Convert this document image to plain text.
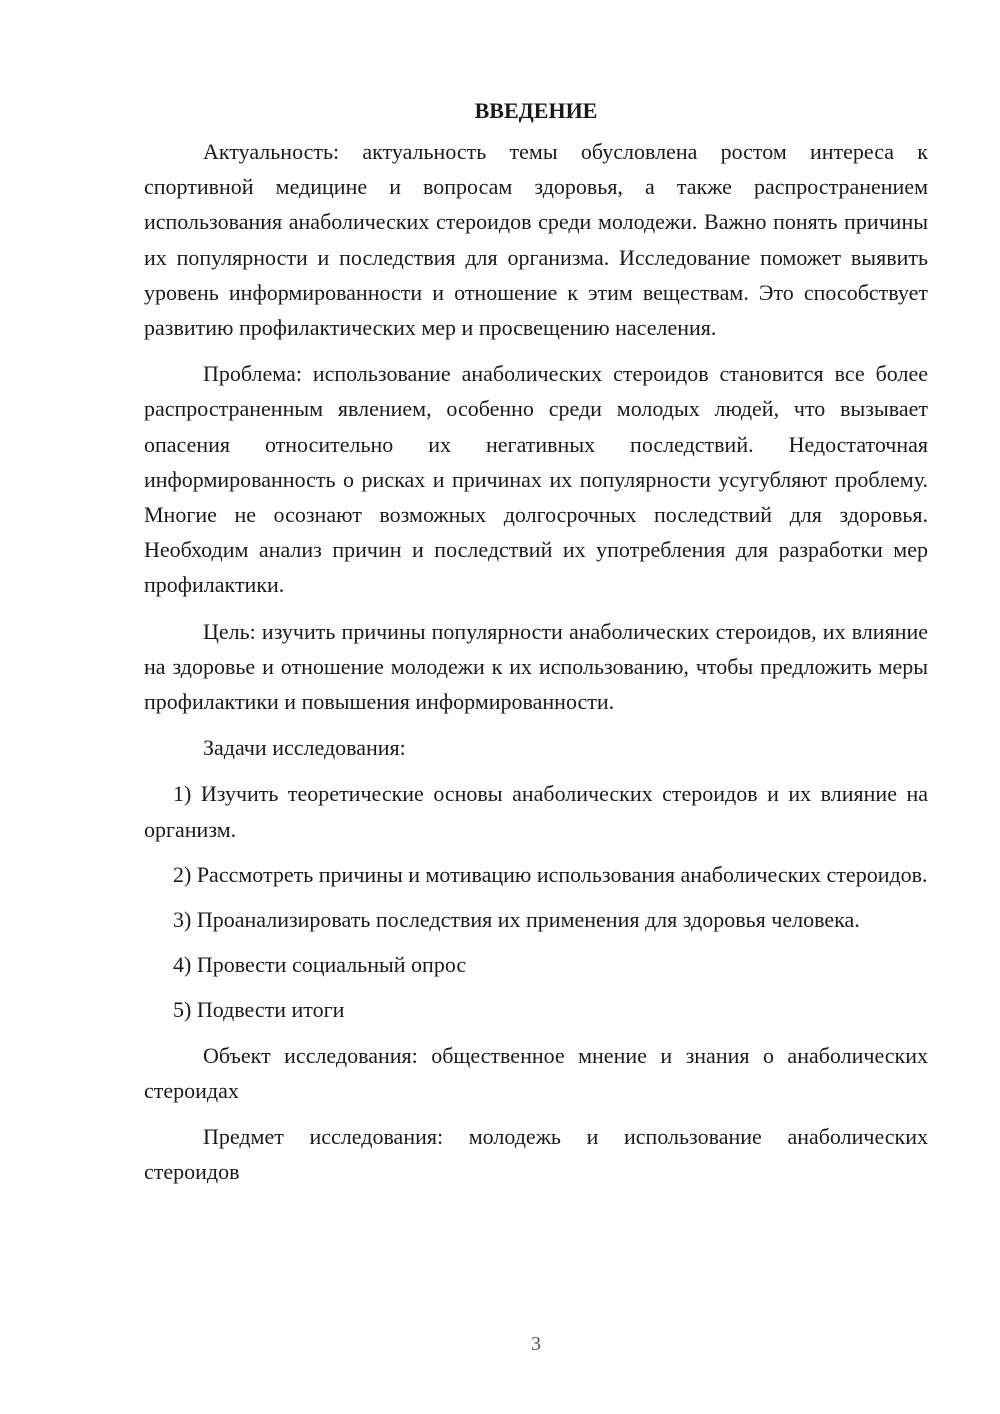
ВВЕДЕНИЕ

Актуальность: актуальность темы обусловлена ростом интереса к спортивной медицине и вопросам здоровья, а также распространением использования анаболических стероидов среди молодежи. Важно понять причины их популярности и последствия для организма. Исследование поможет выявить уровень информированности и отношение к этим веществам. Это способствует развитию профилактических мер и просвещению населения.

Проблема: использование анаболических стероидов становится все более распространенным явлением, особенно среди молодых людей, что вызывает опасения относительно их негативных последствий. Недостаточная информированность о рисках и причинах их популярности усугубляют проблему. Многие не осознают возможных долгосрочных последствий для здоровья. Необходим анализ причин и последствий их употребления для разработки мер профилактики.

Цель: изучить причины популярности анаболических стероидов, их влияние на здоровье и отношение молодежи к их использованию, чтобы предложить меры профилактики и повышения информированности.

Задачи исследования:

1) Изучить теоретические основы анаболических стероидов и их влияние на организм.

2) Рассмотреть причины и мотивацию использования анаболических стероидов.

3) Проанализировать последствия их применения для здоровья человека.

4) Провести социальный опрос

5) Подвести итоги

Объект исследования: общественное мнение и знания о анаболических стероидах

Предмет исследования: молодежь и использование анаболических стероидов

3
